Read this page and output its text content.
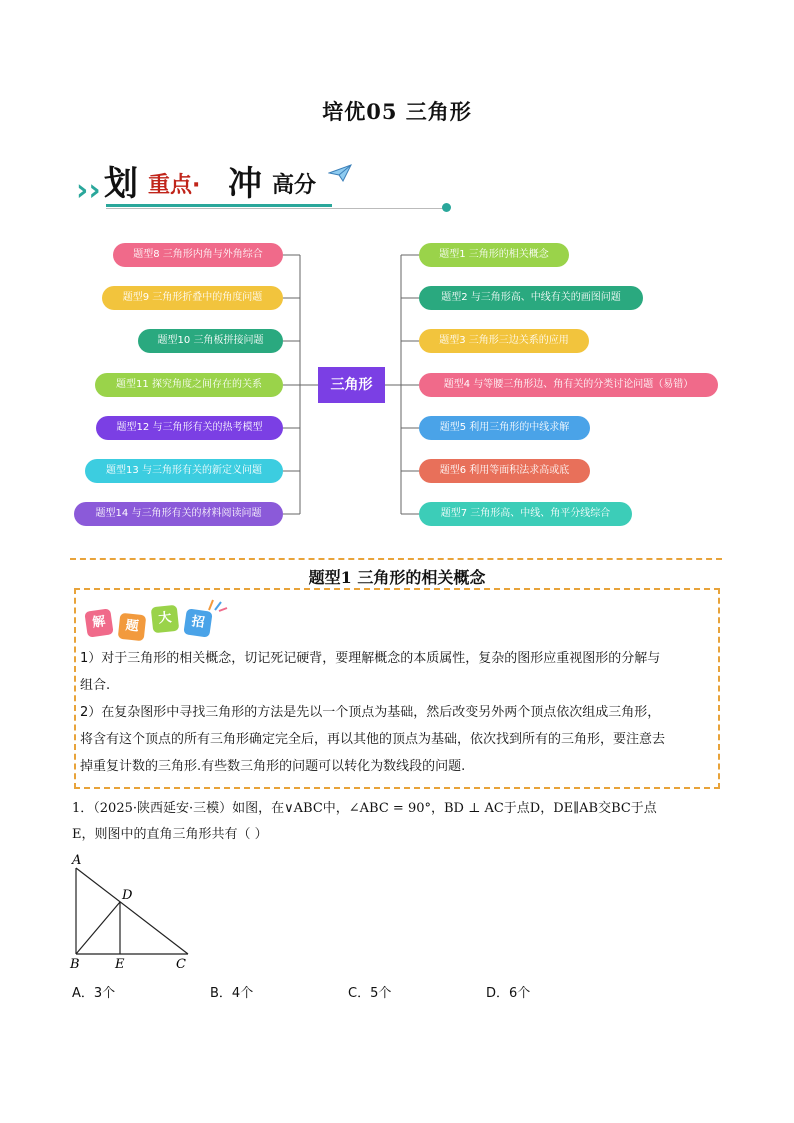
培优05 三角形
›› 划 重点· 冲 高分
题型8 三角形内角与外角综合
题型9 三角形折叠中的角度问题
题型10 三角板拼接问题
题型11 探究角度之间存在的关系
题型12 与三角形有关的热考模型
题型13 与三角形有关的新定义问题
题型14 与三角形有关的材料阅读问题
三角形
题型1 三角形的相关概念
题型2 与三角形高、中线有关的画图问题
题型3 三角形三边关系的应用
题型4 与等腰三角形边、角有关的分类讨论问题（易错）
题型5 利用三角形的中线求解
题型6 利用等面积法求高或底
题型7 三角形高、中线、角平分线综合
题型1 三角形的相关概念
解	题	大	招
1）对于三角形的相关概念，切记死记硬背，要理解概念的本质属性，复杂的图形应重视图形的分解与
组合.
2）在复杂图形中寻找三角形的方法是先以一个顶点为基础，然后改变另外两个顶点依次组成三角形，
将含有这个顶点的所有三角形确定完全后，再以其他的顶点为基础，依次找到所有的三角形，要注意去
掉重复计数的三角形.有些数三角形的问题可以转化为数线段的问题.
1．（2025·陕西延安·三模）如图，在∨ABC中，∠ABC = 90°，BD ⊥ AC于点D，DE∥AB交BC于点
E，则图中的直角三角形共有（ ）
A
D
B	E	C
A．3个	B．4个	C．5个	D．6个
